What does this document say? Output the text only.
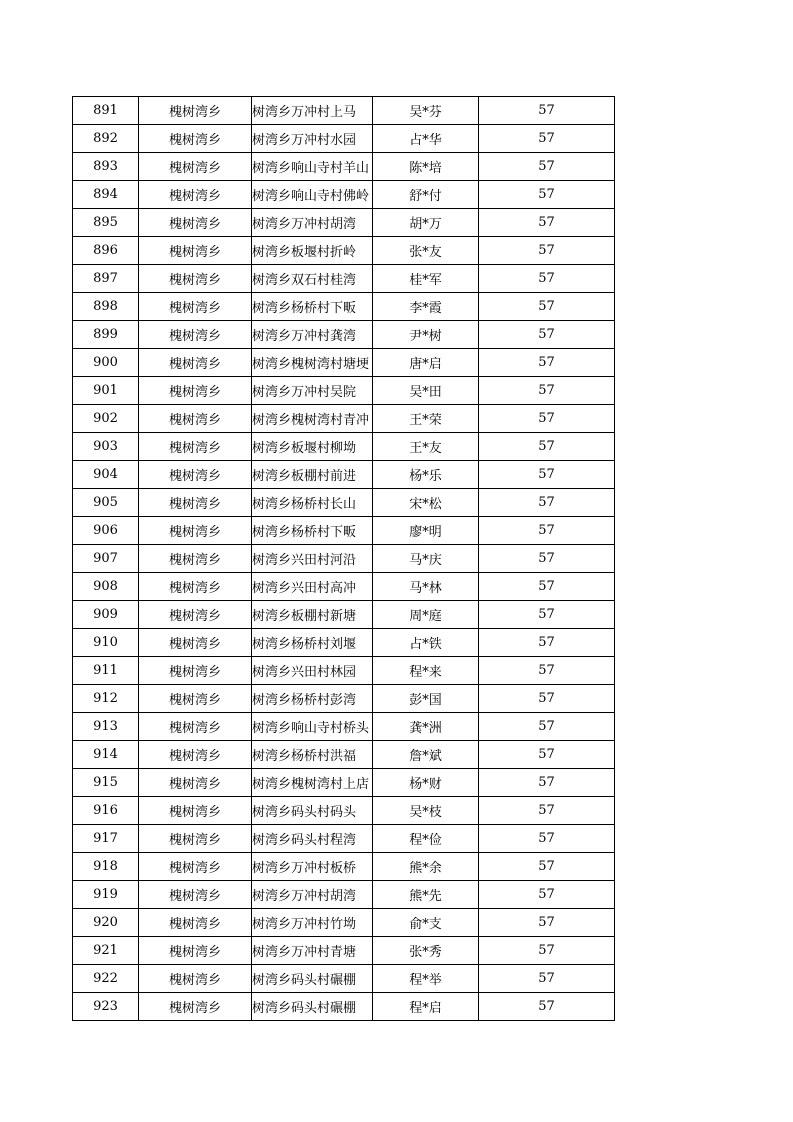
891	槐树湾乡	树湾乡万冲村上马	吴*芬	57
892	槐树湾乡	树湾乡万冲村水园	占*华	57
893	槐树湾乡	树湾乡响山寺村羊山	陈*培	57
894	槐树湾乡	树湾乡响山寺村佛岭	舒*付	57
895	槐树湾乡	树湾乡万冲村胡湾	胡*万	57
896	槐树湾乡	树湾乡板堰村折岭	张*友	57
897	槐树湾乡	树湾乡双石村桂湾	桂*军	57
898	槐树湾乡	树湾乡杨桥村下畈	李*霞	57
899	槐树湾乡	树湾乡万冲村龚湾	尹*树	57
900	槐树湾乡	树湾乡槐树湾村塘埂	唐*启	57
901	槐树湾乡	树湾乡万冲村吴院	吴*田	57
902	槐树湾乡	树湾乡槐树湾村青冲	王*荣	57
903	槐树湾乡	树湾乡板堰村柳坳	王*友	57
904	槐树湾乡	树湾乡板棚村前进	杨*乐	57
905	槐树湾乡	树湾乡杨桥村长山	宋*松	57
906	槐树湾乡	树湾乡杨桥村下畈	廖*明	57
907	槐树湾乡	树湾乡兴田村河沿	马*庆	57
908	槐树湾乡	树湾乡兴田村高冲	马*林	57
909	槐树湾乡	树湾乡板棚村新塘	周*庭	57
910	槐树湾乡	树湾乡杨桥村刘堰	占*铁	57
911	槐树湾乡	树湾乡兴田村林园	程*来	57
912	槐树湾乡	树湾乡杨桥村彭湾	彭*国	57
913	槐树湾乡	树湾乡响山寺村桥头	龚*洲	57
914	槐树湾乡	树湾乡杨桥村洪福	詹*斌	57
915	槐树湾乡	树湾乡槐树湾村上店	杨*财	57
916	槐树湾乡	树湾乡码头村码头	吴*枝	57
917	槐树湾乡	树湾乡码头村程湾	程*俭	57
918	槐树湾乡	树湾乡万冲村板桥	熊*余	57
919	槐树湾乡	树湾乡万冲村胡湾	熊*先	57
920	槐树湾乡	树湾乡万冲村竹坳	俞*支	57
921	槐树湾乡	树湾乡万冲村青塘	张*秀	57
922	槐树湾乡	树湾乡码头村碾棚	程*举	57
923	槐树湾乡	树湾乡码头村碾棚	程*启	57
